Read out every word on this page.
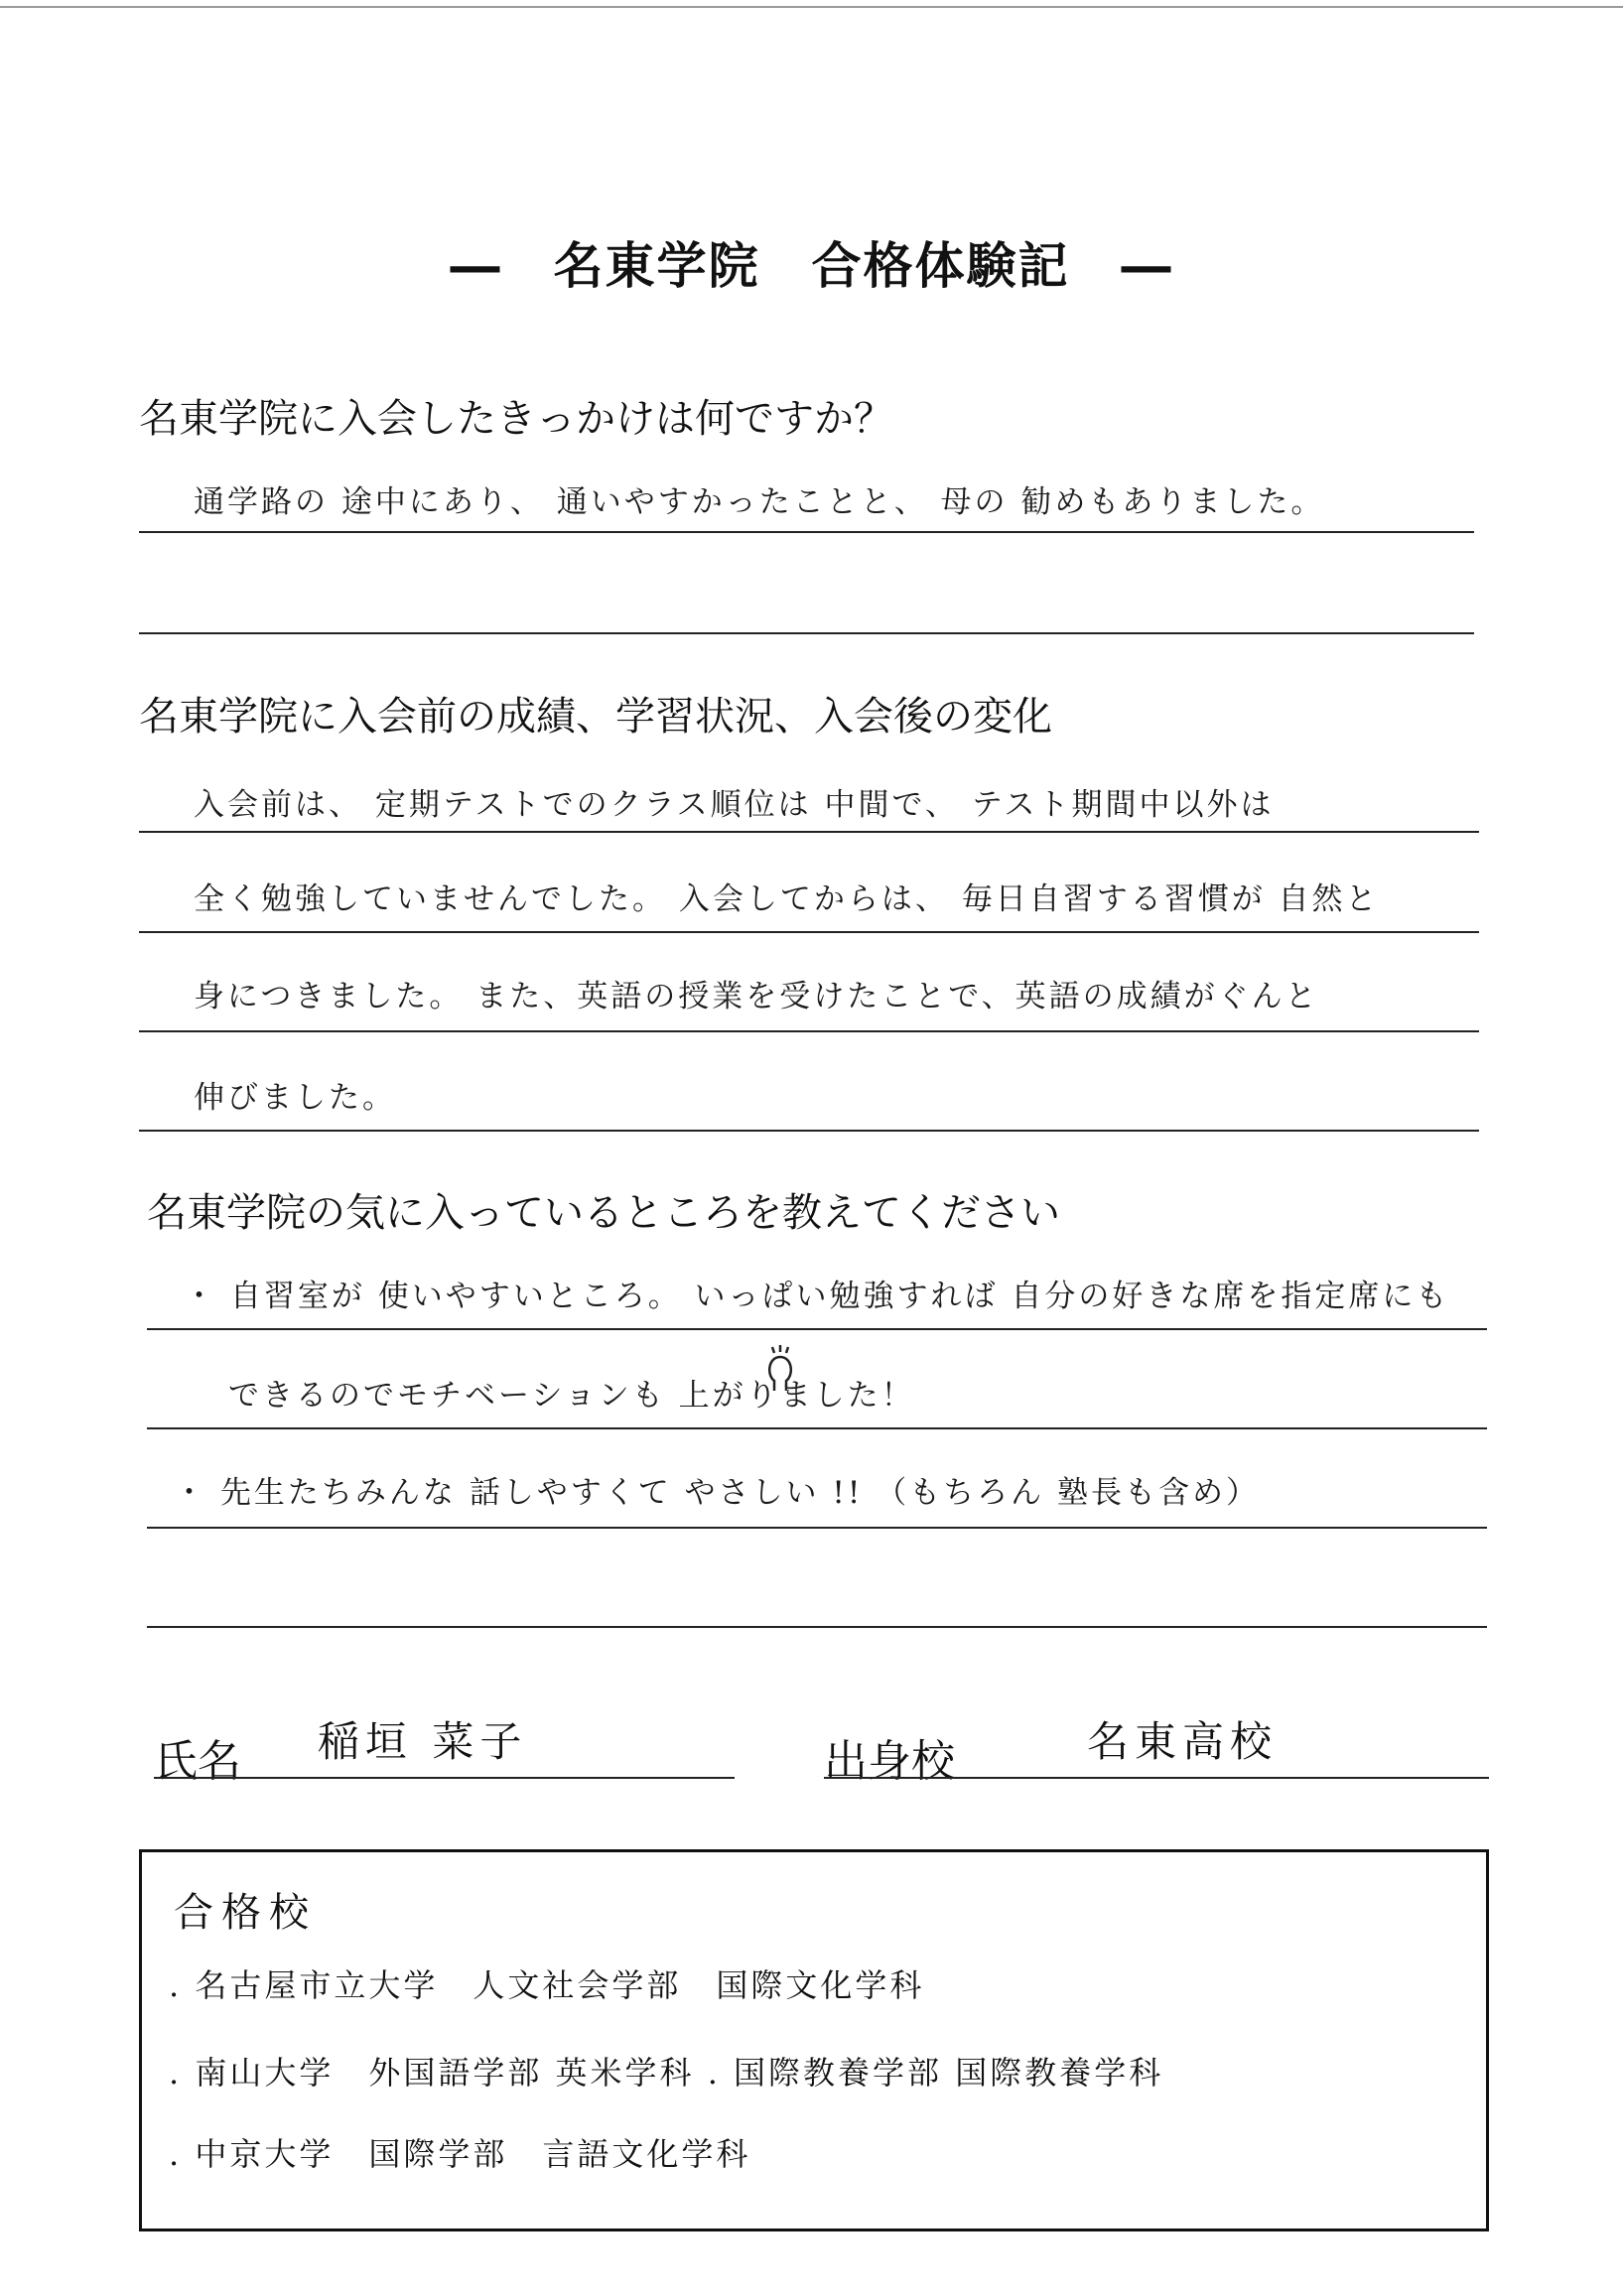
―　名東学院　合格体験記　―
名東学院に入会したきっかけは何ですか？
通学路の 途中にあり、 通いやすかったことと、 母の 勧めもありました。
名東学院に入会前の成績、学習状況、入会後の変化
入会前は、 定期テストでのクラス順位は 中間で、 テスト期間中以外は
全く勉強していませんでした。 入会してからは、 毎日自習する習慣が 自然と
身につきました。 また、英語の授業を受けたことで、英語の成績がぐんと
伸びました。
名東学院の気に入っているところを教えてください
・ 自習室が 使いやすいところ。 いっぱい勉強すれば 自分の好きな席を指定席にも
できるのでモチベーションも 上がりました！
・ 先生たちみんな 話しやすくて やさしい !! （もちろん 塾長も含め）
氏名 稲垣 菜子	出身校	名東高校
合格校
. 名古屋市立大学　人文社会学部　国際文化学科
. 南山大学　外国語学部 英米学科 . 国際教養学部 国際教養学科
. 中京大学　国際学部　言語文化学科
